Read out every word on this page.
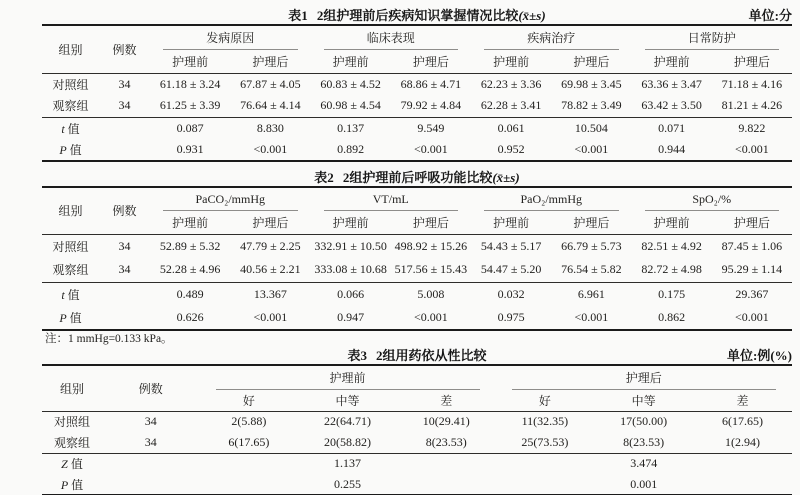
表1 2组护理前后疾病知识掌握情况比较(x̄±s)	单位:分
组别	例数	发病原因		临床表现		疾病治疗		日常防护	

		护理前	护理后	护理前	护理后	护理前	护理后	护理前	护理后
对照组	34	61.18 ± 3.24	67.87 ± 4.05	60.83 ± 4.52	68.86 ± 4.71	62.23 ± 3.36	69.98 ± 3.45	63.36 ± 3.47	71.18 ± 4.16
观察组	34	61.25 ± 3.39	76.64 ± 4.14	60.98 ± 4.54	79.92 ± 4.84	62.28 ± 3.41	78.82 ± 3.49	63.42 ± 3.50	81.21 ± 4.26
t 值		0.087	8.830	0.137	9.549	0.061	10.504	0.071	9.822
P 值		0.931	<0.001	0.892	<0.001	0.952	<0.001	0.944	<0.001
表2 2组护理前后呼吸功能比较(x̄±s)
组别	例数	PaCO₂/mmHg		VT/mL		PaO₂/mmHg		SpO₂/%	

		护理前	护理后	护理前	护理后	护理前	护理后	护理前	护理后
对照组	34	52.89 ± 5.32	47.79 ± 2.25	332.91 ± 10.50	498.92 ± 15.26	54.43 ± 5.17	66.79 ± 5.73	82.51 ± 4.92	87.45 ± 1.06
观察组	34	52.28 ± 4.96	40.56 ± 2.21	333.08 ± 10.68	517.56 ± 15.43	54.47 ± 5.20	76.54 ± 5.82	82.72 ± 4.98	95.29 ± 1.14
t 值		0.489	13.367	0.066	5.008	0.032	6.961	0.175	29.367
P 值		0.626	<0.001	0.947	<0.001	0.975	<0.001	0.862	<0.001
注：1 mmHg=0.133 kPa。
表3 2组用药依从性比较	单位:例(%)
组别	例数	护理前			护理后		

		好	中等	差	好	中等	差
对照组	34	2(5.88)	22(64.71)	10(29.41)	11(32.35)	17(50.00)	6(17.65)
观察组	34	6(17.65)	20(58.82)	8(23.53)	25(73.53)	8(23.53)	1(2.94)
Z 值		1.137			3.474		
P 值		0.255			0.001		
